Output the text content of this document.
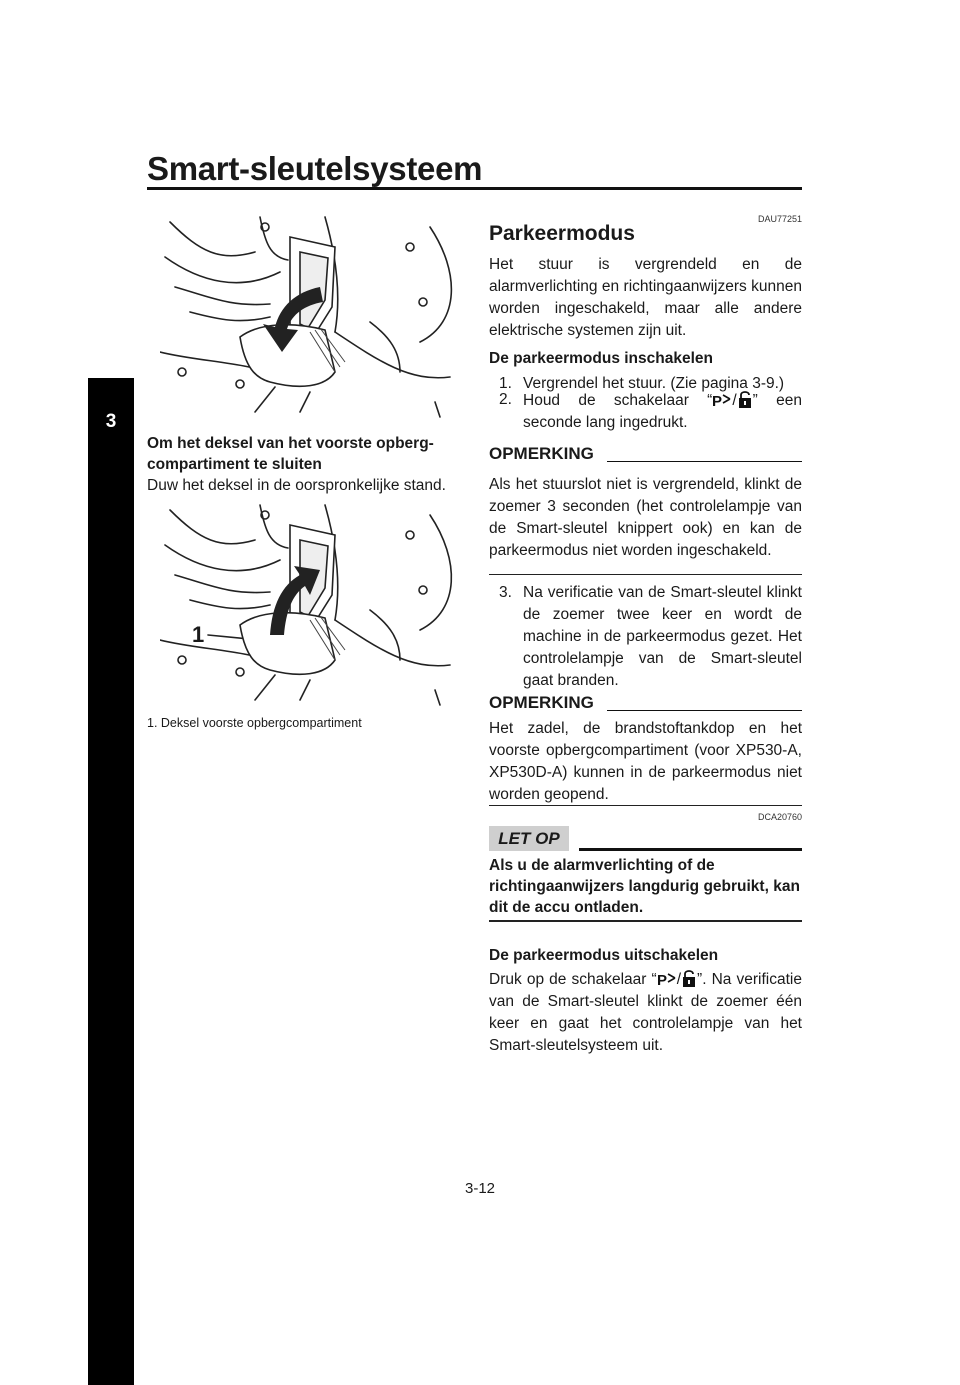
Smart-sleutelsysteem
3
Om het deksel van het voorste opberg-
compartiment te sluiten
Duw het deksel in de oorspronkelijke stand.
1
1. Deksel voorste opbergcompartiment
DAU77251
Parkeermodus
Het stuur is vergrendeld en de alarmverlichting en richtingaanwijzers kunnen worden ingeschakeld, maar alle andere elektrische systemen zijn uit.
De parkeermodus inschakelen
1. Vergrendel het stuur. (Zie pagina 3-9.)
2. Houd de schakelaar “ P / ” een seconde lang ingedrukt.
OPMERKING
Als het stuurslot niet is vergrendeld, klinkt de zoemer 3 seconden (het controlelampje van de Smart-sleutel knippert ook) en kan de parkeermodus niet worden ingeschakeld.
3. Na verificatie van de Smart-sleutel klinkt de zoemer twee keer en wordt de machine in de parkeermodus gezet. Het controlelampje van de Smart-sleutel gaat branden.
OPMERKING
Het zadel, de brandstoftankdop en het voorste opbergcompartiment (voor XP530-A, XP530D-A) kunnen in de parkeermodus niet worden geopend.
DCA20760
LET OP
Als u de alarmverlichting of de richtingaanwijzers langdurig gebruikt, kan dit de accu ontladen.
De parkeermodus uitschakelen
Druk op de schakelaar “ P / ”. Na verificatie van de Smart-sleutel klinkt de zoemer één keer en gaat het controlelampje van het Smart-sleutelsysteem uit.
3-12
